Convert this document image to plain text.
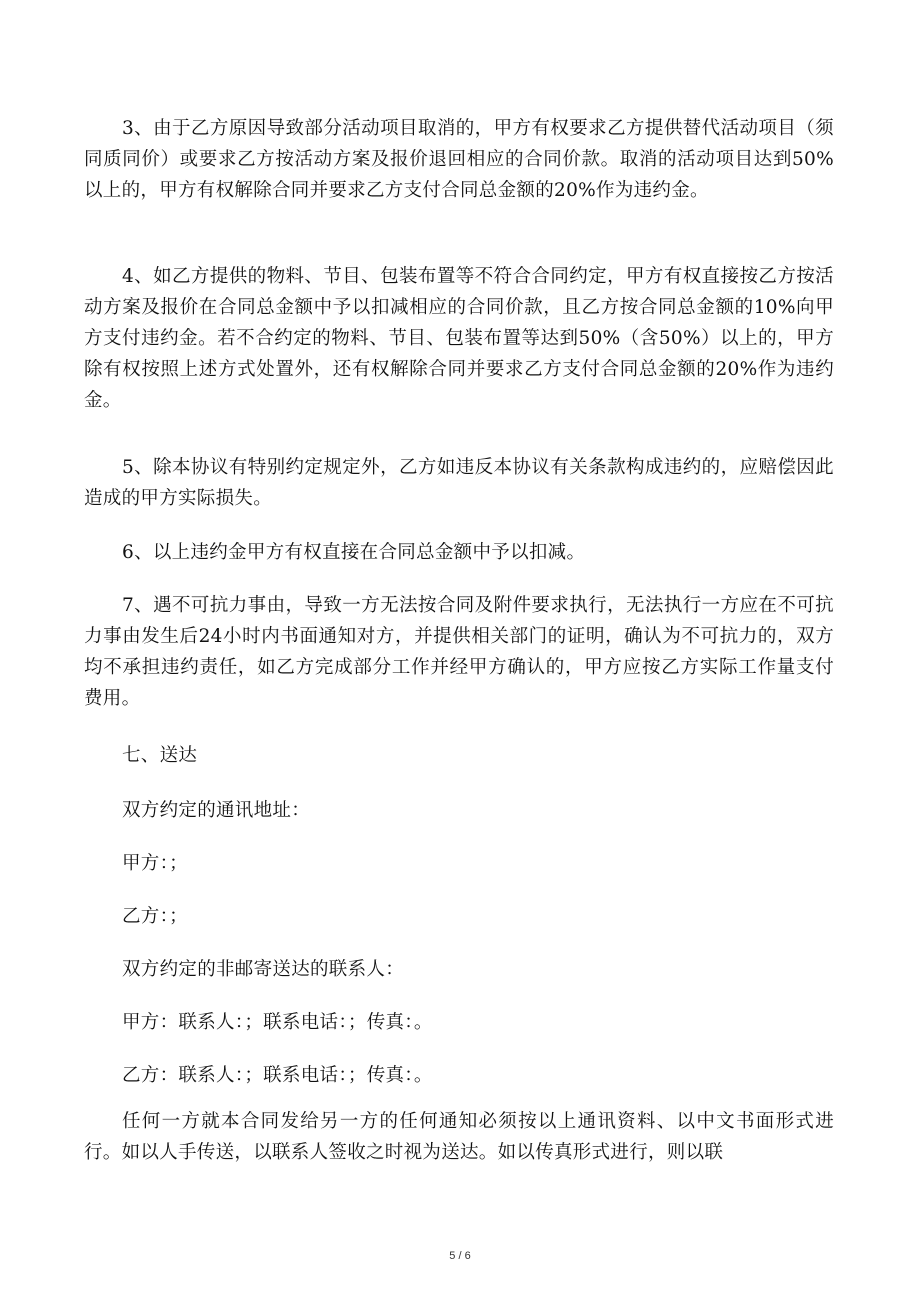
3、由于乙方原因导致部分活动项目取消的，甲方有权要求乙方提供替代活动项目（须同质同价）或要求乙方按活动方案及报价退回相应的合同价款。取消的活动项目达到50%以上的，甲方有权解除合同并要求乙方支付合同总金额的20%作为违约金。

4、如乙方提供的物料、节目、包装布置等不符合合同约定，甲方有权直接按乙方按活动方案及报价在合同总金额中予以扣减相应的合同价款，且乙方按合同总金额的10%向甲方支付违约金。若不合约定的物料、节目、包装布置等达到50%（含50%）以上的，甲方除有权按照上述方式处置外，还有权解除合同并要求乙方支付合同总金额的20%作为违约金。

5、除本协议有特别约定规定外，乙方如违反本协议有关条款构成违约的，应赔偿因此造成的甲方实际损失。

6、以上违约金甲方有权直接在合同总金额中予以扣减。

7、遇不可抗力事由，导致一方无法按合同及附件要求执行，无法执行一方应在不可抗力事由发生后24小时内书面通知对方，并提供相关部门的证明，确认为不可抗力的，双方均不承担违约责任，如乙方完成部分工作并经甲方确认的，甲方应按乙方实际工作量支付费用。

七、送达

双方约定的通讯地址：

甲方：；

乙方：；

双方约定的非邮寄送达的联系人：

甲方：联系人：；联系电话：；传真：。

乙方：联系人：；联系电话：；传真：。

任何一方就本合同发给另一方的任何通知必须按以上通讯资料、以中文书面形式进行。如以人手传送，以联系人签收之时视为送达。如以传真形式进行，则以联

5 / 6
